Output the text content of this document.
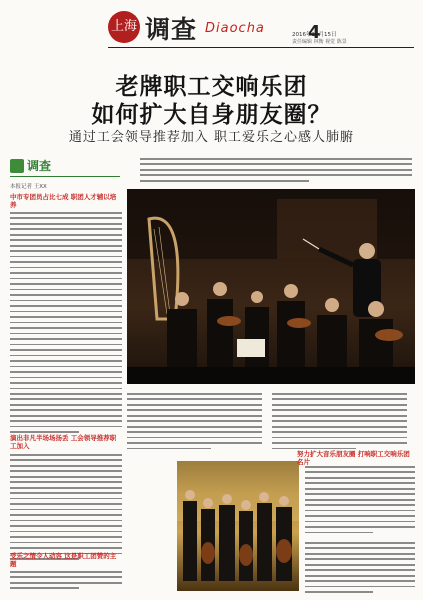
上海 调查 Diaocha	2016年11月15日
4
责任编辑 林衡 视觉 陈景
老牌职工交响乐团
如何扩大自身朋友圈？
通过工会领导推荐加入 职工爱乐之心感人肺腑
调查
本报记者 王XX
中市专团员占比七成 职团人才辅以培养
演出非凡半场场扬丢 工会领导推荐职工加入
受乐之情令人动容 这是职工团赞的主题
努力扩大音乐朋友圈 打响职工交响乐团名片
